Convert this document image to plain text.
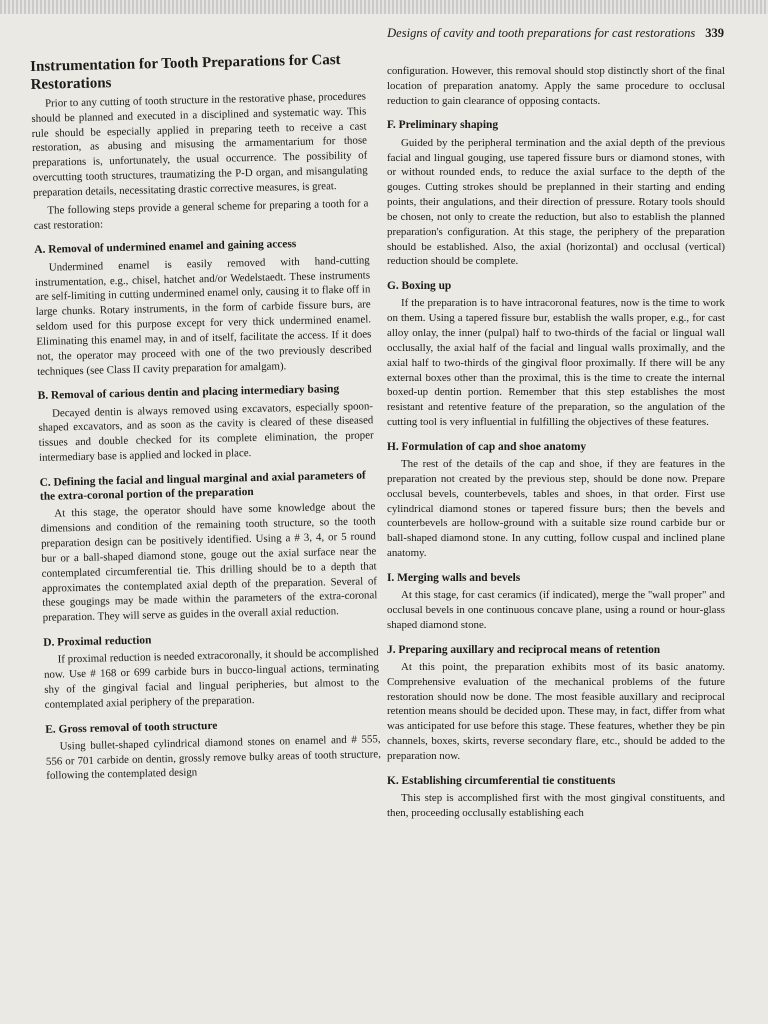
Designs of cavity and tooth preparations for cast restorations 339
Instrumentation for Tooth Preparations for Cast Restorations

Prior to any cutting of tooth structure in the restorative phase, procedures should be planned and executed in a disciplined and systematic way. This rule should be especially applied in preparing teeth to receive a cast restoration, as abusing and misusing the armamentarium for those preparations is, unfortunately, the usual occurrence. The possibility of overcutting tooth structures, traumatizing the P-D organ, and misangulating preparation details, necessitating drastic corrective measures, is great.

The following steps provide a general scheme for preparing a tooth for a cast restoration:

A. Removal of undermined enamel and gaining access

Undermined enamel is easily removed with hand-cutting instrumentation, e.g., chisel, hatchet and/or Wedelstaedt. These instruments are self-limiting in cutting undermined enamel only, causing it to flake off in large chunks. Rotary instruments, in the form of carbide fissure burs, are seldom used for this purpose except for very thick undermined enamel. Eliminating this enamel may, in and of itself, facilitate the access. If it does not, the operator may proceed with one of the two previously described techniques (see Class II cavity preparation for amalgam).

B. Removal of carious dentin and placing intermediary basing

Decayed dentin is always removed using excavators, especially spoon-shaped excavators, and as soon as the cavity is cleared of these diseased tissues and double checked for its complete elimination, the proper intermediary base is applied and locked in place.

C. Defining the facial and lingual marginal and axial parameters of the extra-coronal portion of the preparation

At this stage, the operator should have some knowledge about the dimensions and condition of the remaining tooth structure, so the tooth preparation design can be positively identified. Using a # 3, 4, or 5 round bur or a ball-shaped diamond stone, gouge out the axial surface near the contemplated circumferential tie. This drilling should be to a depth that approximates the contemplated axial depth of the preparation. Several of these gougings may be made within the parameters of the extra-coronal preparation. They will serve as guides in the overall axial reduction.

D. Proximal reduction

If proximal reduction is needed extracoronally, it should be accomplished now. Use # 168 or 699 carbide burs in bucco-lingual actions, terminating shy of the gingival facial and lingual peripheries, but almost to the contemplated axial periphery of the preparation.

E. Gross removal of tooth structure

Using bullet-shaped cylindrical diamond stones on enamel and # 555, 556 or 701 carbide on dentin, grossly remove bulky areas of tooth structure, following the contemplated design

configuration. However, this removal should stop distinctly short of the final location of preparation anatomy. Apply the same procedure to occlusal reduction to gain clearance of opposing contacts.

F. Preliminary shaping

Guided by the peripheral termination and the axial depth of the previous facial and lingual gouging, use tapered fissure burs or diamond stones, with or without rounded ends, to reduce the axial surface to the depth of the gouges. Cutting strokes should be preplanned in their starting and ending points, their angulations, and their direction of pressure. Rotary tools should be chosen, not only to create the reduction, but also to establish the planned preparation's configuration. At this stage, the periphery of the preparation should be established. Also, the axial (horizontal) and occlusal (vertical) reduction should be complete.

G. Boxing up

If the preparation is to have intracoronal features, now is the time to work on them. Using a tapered fissure bur, establish the walls proper, e.g., for cast alloy onlay, the inner (pulpal) half to two-thirds of the facial or lingual wall occlusally, the axial half of the facial and lingual walls proximally, and the axial half to two-thirds of the gingival floor proximally. If there will be any external boxes other than the proximal, this is the time to create the internal boxed-up dentin portion. Remember that this step establishes the most resistant and retentive feature of the preparation, so the angulation of the cutting tool is very influential in fulfilling the objectives of these features.

H. Formulation of cap and shoe anatomy

The rest of the details of the cap and shoe, if they are features in the preparation not created by the previous step, should be done now. Prepare occlusal bevels, counterbevels, tables and shoes, in that order. First use cylindrical diamond stones or tapered fissure burs; then the bevels and counterbevels are hollow-ground with a suitable size round carbide bur or ball-shaped diamond stone. In any cutting, follow cuspal and inclined plane anatomy.

I. Merging walls and bevels

At this stage, for cast ceramics (if indicated), merge the ''wall proper'' and occlusal bevels in one continuous concave plane, using a round or hour-glass shaped diamond stone.

J. Preparing auxillary and reciprocal means of retention

At this point, the preparation exhibits most of its basic anatomy. Comprehensive evaluation of the mechanical problems of the future restoration should now be done. The most feasible auxillary and reciprocal retention means should be decided upon. These may, in fact, differ from what was anticipated for use before this stage. These features, whether they be pin channels, boxes, skirts, reverse secondary flare, etc., should be added to the preparation now.

K. Establishing circumferential tie constituents

This step is accomplished first with the most gingival constituents, and then, proceeding occlusally establishing each
